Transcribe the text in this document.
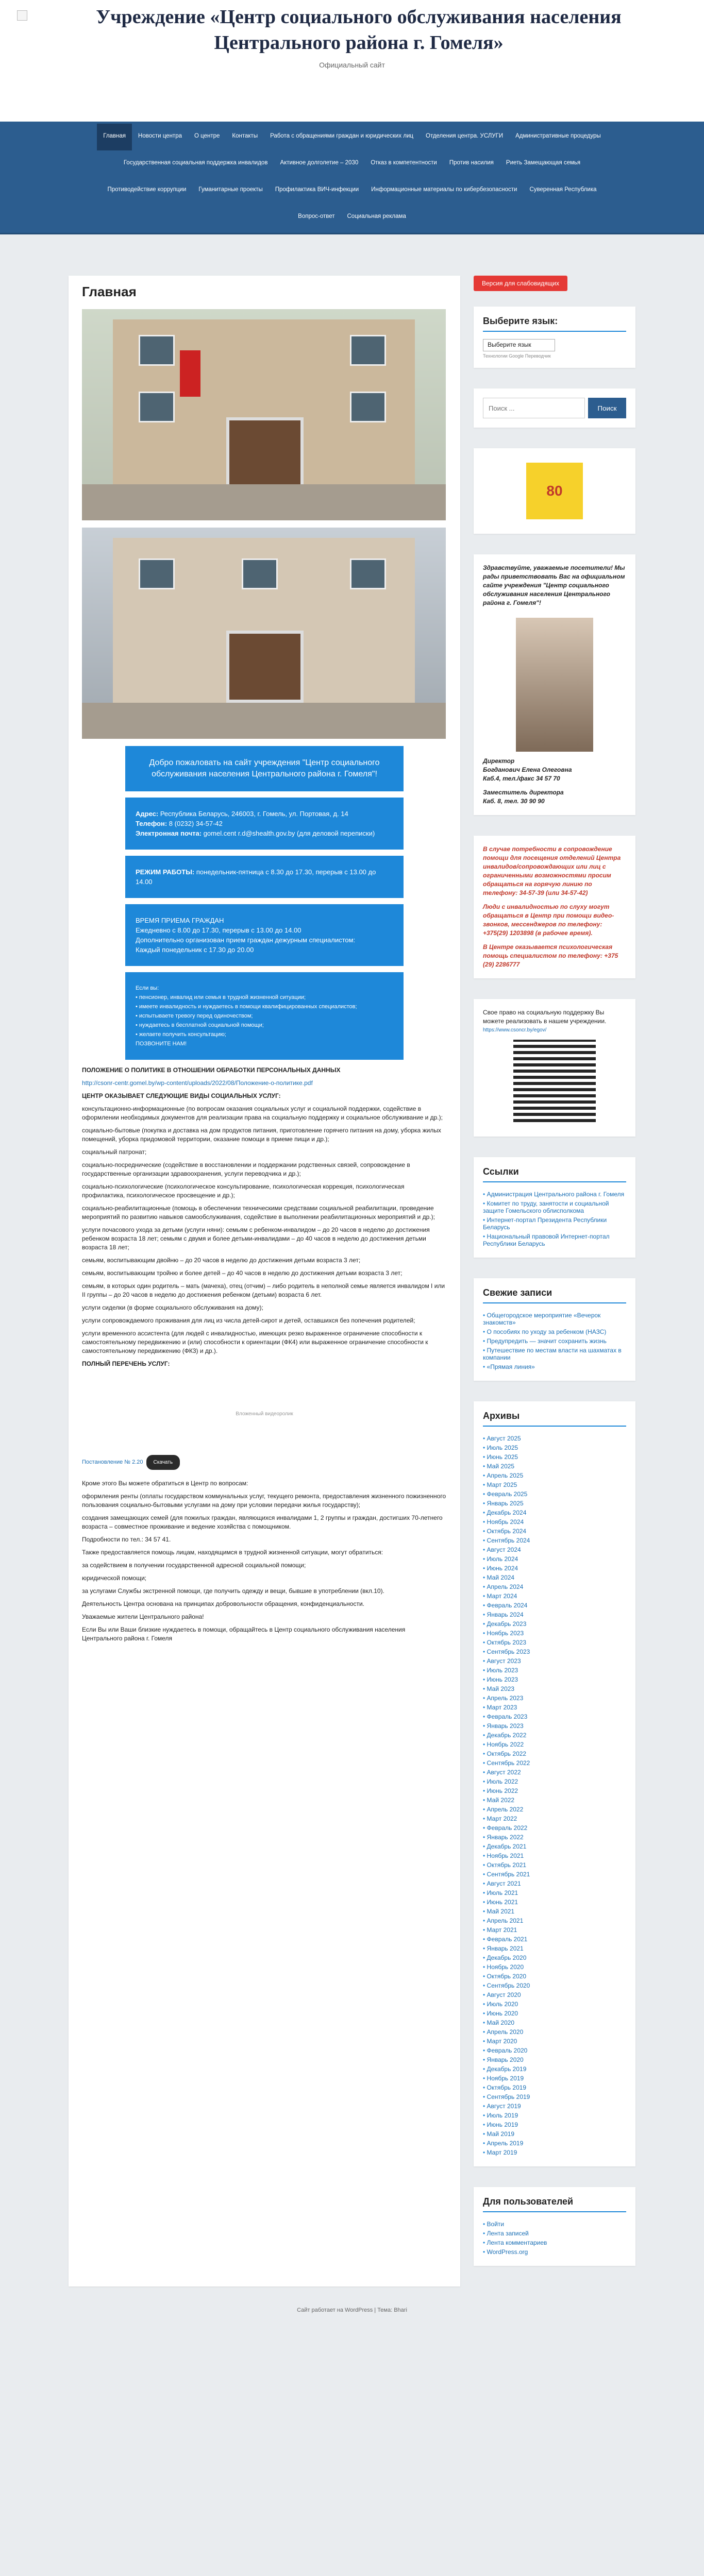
Учреждение «Центр социального обслуживания населения Центрального района г. Гомеля»
Официальный сайт
Главная	Новости центра	О центре	Контакты	Работа с обращениями граждан и юридических лиц	Отделения центра. УСЛУГИ	Административные процедуры
Государственная социальная поддержка инвалидов	Активное долголетие – 2030	Отказ в компетентности	Против насилия	Риеть Замещающая семья
Противодействие коррупции	Гуманитарные проекты	Профилактика ВИЧ-инфекции	Информационные материалы по кибербезопасности	Суверенная Республика
Вопрос-ответ	Социальная реклама
Главная
Добро пожаловать на сайт учреждения "Центр социального обслуживания населения Центрального района г. Гомеля"!
Адрес: Республика Беларусь, 246003, г. Гомель, ул. Портовая, д. 14
Телефон: 8 (0232) 34-57-42
Электронная почта: gomel.cent r.d@shealth.gov.by (для деловой переписки)
РЕЖИМ РАБОТЫ: понедельник-пятница с 8.30 до 17.30, перерыв с 13.00 до 14.00
ВРЕМЯ ПРИЕМА ГРАЖДАН
Ежедневно с 8.00 до 17.30, перерыв с 13.00 до 14.00
Дополнительно организован прием граждан дежурным специалистом:
Каждый понедельник с 17.30 до 20.00
Если вы:
• пенсионер, инвалид или семья в трудной жизненной ситуации;
• имеете инвалидность и нуждаетесь в помощи квалифицированных специалистов;
• испытываете тревогу перед одиночеством;
• нуждаетесь в бесплатной социальной помощи;
• желаете получить консультацию;
ПОЗВОНИТЕ НАМ!

ПОЛОЖЕНИЕ О ПОЛИТИКЕ В ОТНОШЕНИИ ОБРАБОТКИ ПЕРСОНАЛЬНЫХ ДАННЫХ

http://csonr-centr.gomel.by/wp-content/uploads/2022/08/Положение-о-политике.pdf

ЦЕНТР ОКАЗЫВАЕТ СЛЕДУЮЩИЕ ВИДЫ СОЦИАЛЬНЫХ УСЛУГ:

консультационно-информационные (по вопросам оказания социальных услуг и социальной поддержки, содействие в оформлении необходимых документов для реализации права на социальную поддержку и социальное обслуживание и др.);

социально-бытовые (покупка и доставка на дом продуктов питания, приготовление горячего питания на дому, уборка жилых помещений, уборка придомовой территории, оказание помощи в приеме пищи и др.);

социальный патронат;

социально-посреднические (содействие в восстановлении и поддержании родственных связей, сопровождение в государственные организации здравоохранения, услуги переводчика и др.);

социально-психологические (психологическое консультирование, психологическая коррекция, психологическая профилактика, психологическое просвещение и др.);

социально-реабилитационные (помощь в обеспечении техническими средствами социальной реабилитации, проведение мероприятий по развитию навыков самообслуживания, содействие в выполнении реабилитационных мероприятий и др.);

услуги почасового ухода за детьми (услуги няни): семьям с ребенком-инвалидом – до 20 часов в неделю до достижения ребенком возраста 18 лет; семьям с двумя и более детьми-инвалидами – до 40 часов в неделю до достижения детьми возраста 18 лет;

семьям, воспитывающим двойню – до 20 часов в неделю до достижения детьми возраста 3 лет;

семьям, воспитывающим тройню и более детей – до 40 часов в неделю до достижения детьми возраста 3 лет;

семьям, в которых один родитель – мать (мачеха), отец (отчим) – либо родитель в неполной семье является инвалидом I или II группы – до 20 часов в неделю до достижения ребенком (детьми) возраста 6 лет.

услуги сиделки (в форме социального обслуживания на дому);

услуги сопровождаемого проживания для лиц из числа детей-сирот и детей, оставшихся без попечения родителей;

услуги временного ассистента (для людей с инвалидностью, имеющих резко выраженное ограничение способности к самостоятельному передвижению и (или) способности к ориентации (ФК4) или выраженное ограничение способности к самостоятельному передвижению (ФК3) и др.).

ПОЛНЫЙ ПЕРЕЧЕНЬ УСЛУГ:

Вложенный видеоролик

Постановление № 2.20 Скачать

Кроме этого Вы можете обратиться в Центр по вопросам:

оформления ренты (оплаты государством коммунальных услуг, текущего ремонта, предоставления жизненного пожизненного пользования социально-бытовыми услугами на дому при условии передачи жилья государству);

создания замещающих семей (для пожилых граждан, являющихся инвалидами 1, 2 группы и граждан, достигших 70-летнего возраста – совместное проживание и ведение хозяйства с помощником.

Подробности по тел.: 34 57 41.

Также предоставляется помощь лицам, находящимся в трудной жизненной ситуации, могут обратиться:

за содействием в получении государственной адресной социальной помощи;

юридической помощи;

за услугами Службы экстренной помощи, где получить одежду и вещи, бывшие в употреблении (вкл.10).

Деятельность Центра основана на принципах добровольности обращения, конфиденциальности.

Уважаемые жители Центрального района!

Если Вы или Ваши близкие нуждаетесь в помощи, обращайтесь в Центр социального обслуживания населения Центрального района г. Гомеля

Версия для слабовидящих
Выберите язык:
Выберите язык
Технологии Google Переводчик
Поиск ...
Поиск
80

Здравствуйте, уважаемые посетители! Мы рады приветствовать Вас на официальном сайте учреждения "Центр социального обслуживания населения Центрального района г. Гомеля"!

Директор

Богданович Елена Олеговна

Каб.4, тел./факс 34 57 70

Заместитель директора

Каб. 8, тел. 30 90 90

В случае потребности в сопровождение помощи для посещения отделений Центра инвалидов/сопровождающих или лиц с ограниченными возможностями просим обращаться на горячую линию по телефону: 34-57-39 (или 34-57-42)

Люди с инвалидностью по слуху могут обращаться в Центр при помощи видео-звонков, мессенджеров по телефону: +375(29) 1203898 (в рабочее время).

В Центре оказывается психологическая помощь специалистом по телефону: +375 (29) 2286777

Свое право на социальную поддержку Вы можете реализовать в нашем учреждении.

https://www.csoncr.by/egov/

Ссылки
• Администрация Центрального района г. Гомеля
• Комитет по труду, занятости и социальной защите Гомельского облисполкома
• Интернет-портал Президента Республики Беларусь
• Национальный правовой Интернет-портал Республики Беларусь
Свежие записи
• Общегородское мероприятие «Вечерок знакомств»
• О пособиях по уходу за ребенком (НАЗС)
• Предупредить — значит сохранить жизнь
• Путешествие по местам власти на шахматах в компании
• «Прямая линия»
Архивы
• Август 2025
• Июль 2025
• Июнь 2025
• Май 2025
• Апрель 2025
• Март 2025
• Февраль 2025
• Январь 2025
• Декабрь 2024
• Ноябрь 2024
• Октябрь 2024
• Сентябрь 2024
• Август 2024
• Июль 2024
• Июнь 2024
• Май 2024
• Апрель 2024
• Март 2024
• Февраль 2024
• Январь 2024
• Декабрь 2023
• Ноябрь 2023
• Октябрь 2023
• Сентябрь 2023
• Август 2023
• Июль 2023
• Июнь 2023
• Май 2023
• Апрель 2023
• Март 2023
• Февраль 2023
• Январь 2023
• Декабрь 2022
• Ноябрь 2022
• Октябрь 2022
• Сентябрь 2022
• Август 2022
• Июль 2022
• Июнь 2022
• Май 2022
• Апрель 2022
• Март 2022
• Февраль 2022
• Январь 2022
• Декабрь 2021
• Ноябрь 2021
• Октябрь 2021
• Сентябрь 2021
• Август 2021
• Июль 2021
• Июнь 2021
• Май 2021
• Апрель 2021
• Март 2021
• Февраль 2021
• Январь 2021
• Декабрь 2020
• Ноябрь 2020
• Октябрь 2020
• Сентябрь 2020
• Август 2020
• Июль 2020
• Июнь 2020
• Май 2020
• Апрель 2020
• Март 2020
• Февраль 2020
• Январь 2020
• Декабрь 2019
• Ноябрь 2019
• Октябрь 2019
• Сентябрь 2019
• Август 2019
• Июль 2019
• Июнь 2019
• Май 2019
• Апрель 2019
• Март 2019
Для пользователей
• Войти
• Лента записей
• Лента комментариев
• WordPress.org
Сайт работает на WordPress | Тема: Bhari
